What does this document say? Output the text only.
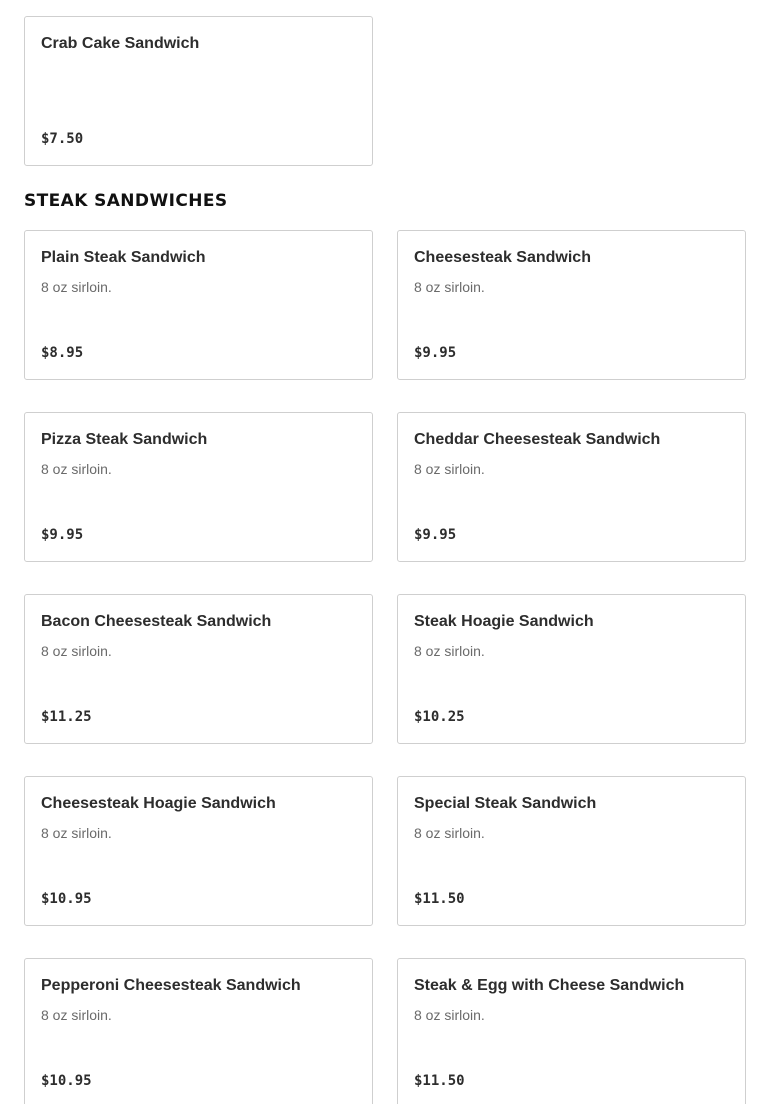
Crab Cake Sandwich
$7.50
STEAK SANDWICHES
Plain Steak Sandwich
8 oz sirloin.
$8.95
Cheesesteak Sandwich
8 oz sirloin.
$9.95
Pizza Steak Sandwich
8 oz sirloin.
$9.95
Cheddar Cheesesteak Sandwich
8 oz sirloin.
$9.95
Bacon Cheesesteak Sandwich
8 oz sirloin.
$11.25
Steak Hoagie Sandwich
8 oz sirloin.
$10.25
Cheesesteak Hoagie Sandwich
8 oz sirloin.
$10.95
Special Steak Sandwich
8 oz sirloin.
$11.50
Pepperoni Cheesesteak Sandwich
8 oz sirloin.
$10.95
Steak & Egg with Cheese Sandwich
8 oz sirloin.
$11.50
